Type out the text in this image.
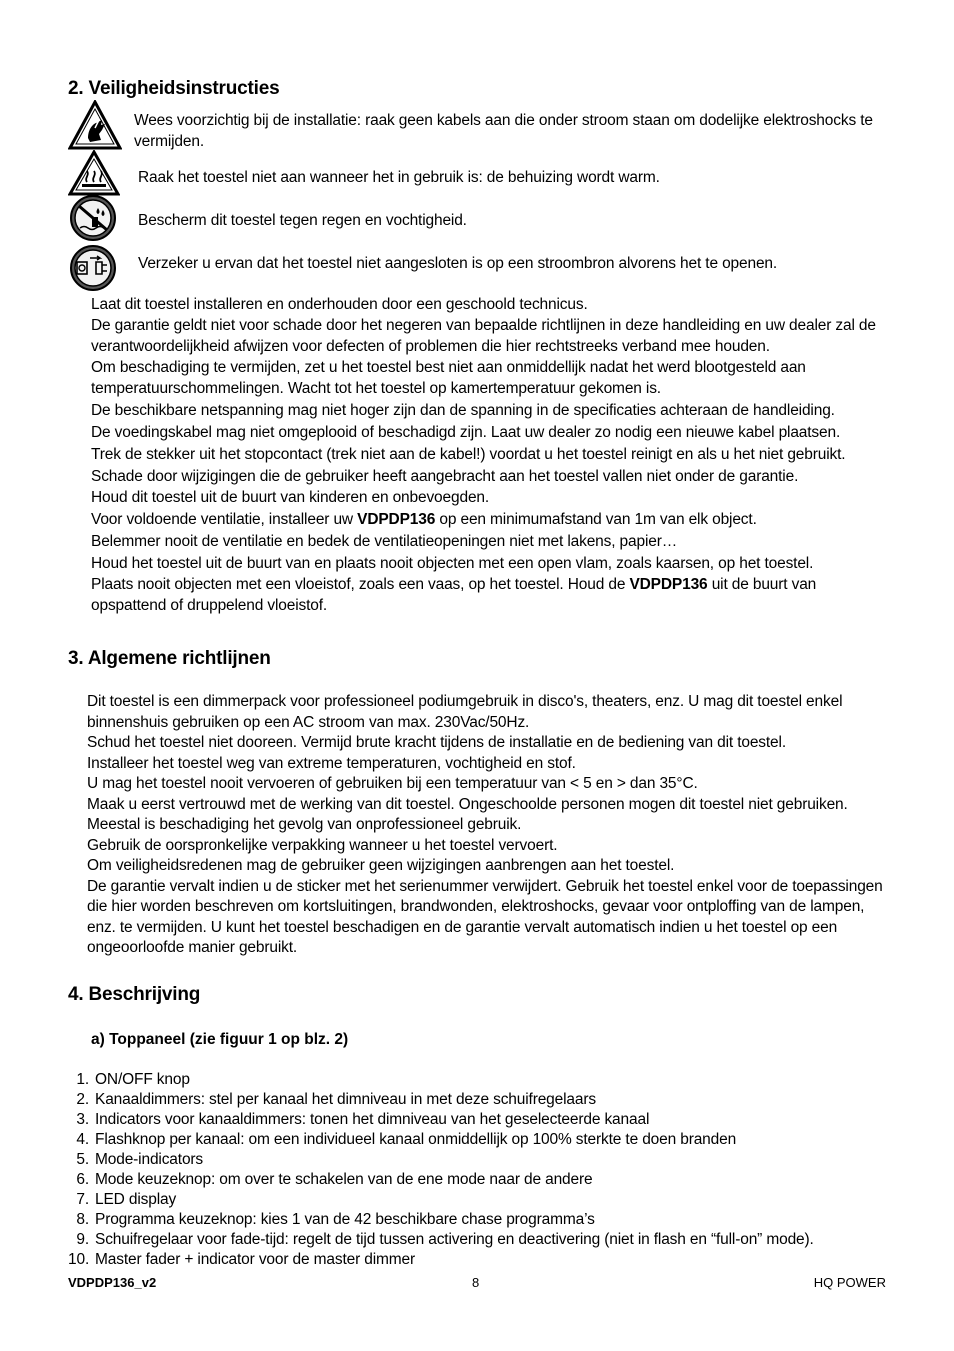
2. Veiligheidsinstructies
Wees voorzichtig bij de installatie: raak geen kabels aan die onder stroom staan om dodelijke elektroshocks te vermijden.
Raak het toestel niet aan wanneer het in gebruik is: de behuizing wordt warm.
Bescherm dit toestel tegen regen en vochtigheid.
Verzeker u ervan dat het toestel niet aangesloten is op een stroombron alvorens het te openen.
Laat dit toestel installeren en onderhouden door een geschoold technicus.
De garantie geldt niet voor schade door het negeren van bepaalde richtlijnen in deze handleiding en uw dealer zal de verantwoordelijkheid afwijzen voor defecten of problemen die hier rechtstreeks verband mee houden.
Om beschadiging te vermijden, zet u het toestel best niet aan onmiddellijk nadat het werd blootgesteld aan temperatuurschommelingen. Wacht tot het toestel op kamertemperatuur gekomen is.
De beschikbare netspanning mag niet hoger zijn dan de spanning in de specificaties achteraan de handleiding.
De voedingskabel mag niet omgeplooid of beschadigd zijn. Laat uw dealer zo nodig een nieuwe kabel plaatsen.
Trek de stekker uit het stopcontact (trek niet aan de kabel!) voordat u het toestel reinigt en als u het niet gebruikt.
Schade door wijzigingen die de gebruiker heeft aangebracht aan het toestel vallen niet onder de garantie.
Houd dit toestel uit de buurt van kinderen en onbevoegden.
Voor voldoende ventilatie, installeer uw VDPDP136 op een minimumafstand van 1m van elk object.
Belemmer nooit de ventilatie en bedek de ventilatieopeningen niet met lakens, papier…
Houd het toestel uit de buurt van en plaats nooit objecten met een open vlam, zoals kaarsen, op het toestel.
Plaats nooit objecten met een vloeistof, zoals een vaas, op het toestel. Houd de VDPDP136 uit de buurt van opspattend of druppelend vloeistof.
3. Algemene richtlijnen
Dit toestel is een dimmerpack voor professioneel podiumgebruik in disco's, theaters, enz. U mag dit toestel enkel binnenshuis gebruiken op een AC stroom van max. 230Vac/50Hz.
Schud het toestel niet dooreen. Vermijd brute kracht tijdens de installatie en de bediening van dit toestel.
Installeer het toestel weg van extreme temperaturen, vochtigheid en stof.
U mag het toestel nooit vervoeren of gebruiken bij een temperatuur van < 5 en > dan 35°C.
Maak u eerst vertrouwd met de werking van dit toestel. Ongeschoolde personen mogen dit toestel niet gebruiken. Meestal is beschadiging het gevolg van onprofessioneel gebruik.
Gebruik de oorspronkelijke verpakking wanneer u het toestel vervoert.
Om veiligheidsredenen mag de gebruiker geen wijzigingen aanbrengen aan het toestel.
De garantie vervalt indien u de sticker met het serienummer verwijdert. Gebruik het toestel enkel voor de toepassingen die hier worden beschreven om kortsluitingen, brandwonden, elektroshocks, gevaar voor ontploffing van de lampen, enz. te vermijden. U kunt het toestel beschadigen en de garantie vervalt automatisch indien u het toestel op een ongeoorloofde manier gebruikt.
4. Beschrijving
a) Toppaneel (zie figuur 1 op blz. 2)
1. ON/OFF knop
2. Kanaaldimmers: stel per kanaal het dimniveau in met deze schuifregelaars
3. Indicators voor kanaaldimmers: tonen het dimniveau van het geselecteerde kanaal
4. Flashknop per kanaal: om een individueel kanaal onmiddellijk op 100% sterkte te doen branden
5. Mode-indicators
6. Mode keuzeknop: om over te schakelen van de ene mode naar de andere
7. LED display
8. Programma keuzeknop: kies 1 van de 42 beschikbare chase programma’s
9. Schuifregelaar voor fade-tijd: regelt de tijd tussen activering en deactivering (niet in flash en “full-on” mode).
10. Master fader + indicator voor de master dimmer
VDPDP136_v2	8	HQ POWER
